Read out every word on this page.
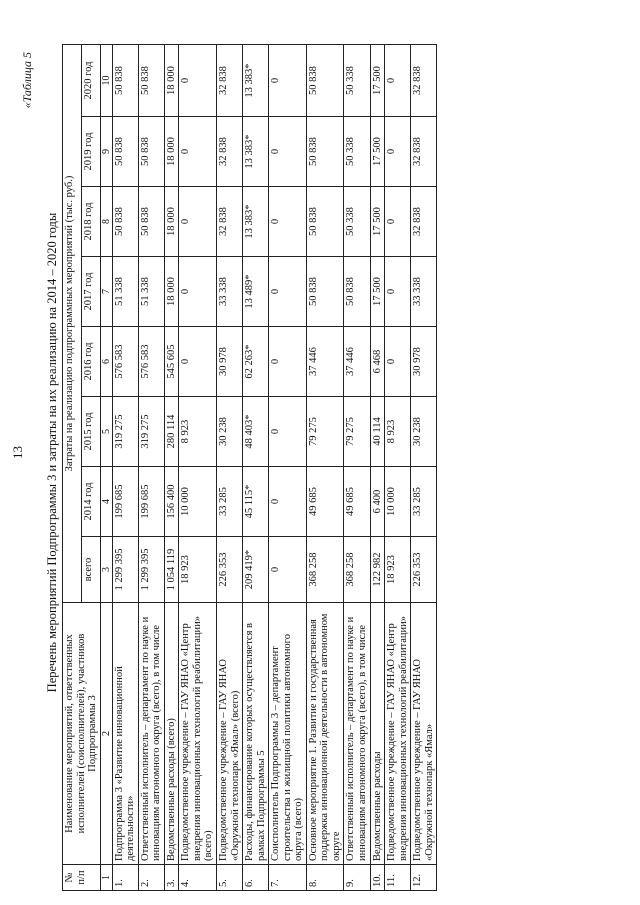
13
«Таблица 5
Перечень мероприятий Подпрограммы 3 и затраты на их реализацию на 2014 – 2020 годы
№ п/п	Наименование мероприятий, ответственных исполнителей (соисполнителей), участников Подпрограммы 3	Затраты на реализацию подпрограммных мероприятий (тыс. руб.)							
		всего	2014 год	2015 год	2016 год	2017 год	2018 год	2019 год	2020 год
1	2	3	4	5	6	7	8	9	10
1.	Подпрограмма 3 «Развитие инновационной деятельности»	1 299 395	199 685	319 275	576 583	51 338	50 838	50 838	50 838
2.	Ответственный исполнитель – департамент по науке и инновациям автономного округа (всего), в том числе	1 299 395	199 685	319 275	576 583	51 338	50 838	50 838	50 838
3.	Ведомственные расходы (всего)	1 054 119	156 400	280 114	545 605	18 000	18 000	18 000	18 000
4.	Подведомственное учреждение – ГАУ ЯНАО «Центр внедрения инновационных технологий реабилитации» (всего)	18 923	10 000	8 923	0	0	0	0	0
5.	Подведомственное учреждение – ГАУ ЯНАО «Окружной технопарк «Ямал» (всего)	226 353	33 285	30 238	30 978	33 338	32 838	32 838	32 838
6.	Расходы, финансирование которых осуществляется в рамках Подпрограммы 5	209 419*	45 115*	48 403*	62 263*	13 489*	13 383*	13 383*	13 383*
7.	Соисполнитель Подпрограммы 3 – департамент строительства и жилищной политики автономного округа (всего)	0	0	0	0	0	0	0	0
8.	Основное мероприятие 1. Развитие и государственная поддержка инновационной деятельности в автономном округе	368 258	49 685	79 275	37 446	50 838	50 838	50 838	50 838
9.	Ответственный исполнитель – департамент по науке и инновациям автономного округа (всего), в том числе	368 258	49 685	79 275	37 446	50 838	50 338	50 338	50 338
10.	Ведомственные расходы	122 982	6 400	40 114	6 468	17 500	17 500	17 500	17 500
11.	Подведомственное учреждение – ГАУ ЯНАО «Центр внедрения инновационных технологий реабилитации»	18 923	10 000	8 923	0	0	0	0	0
12.	Подведомственное учреждение – ГАУ ЯНАО «Окружной технопарк «Ямал»	226 353	33 285	30 238	30 978	33 338	32 838	32 838	32 838
